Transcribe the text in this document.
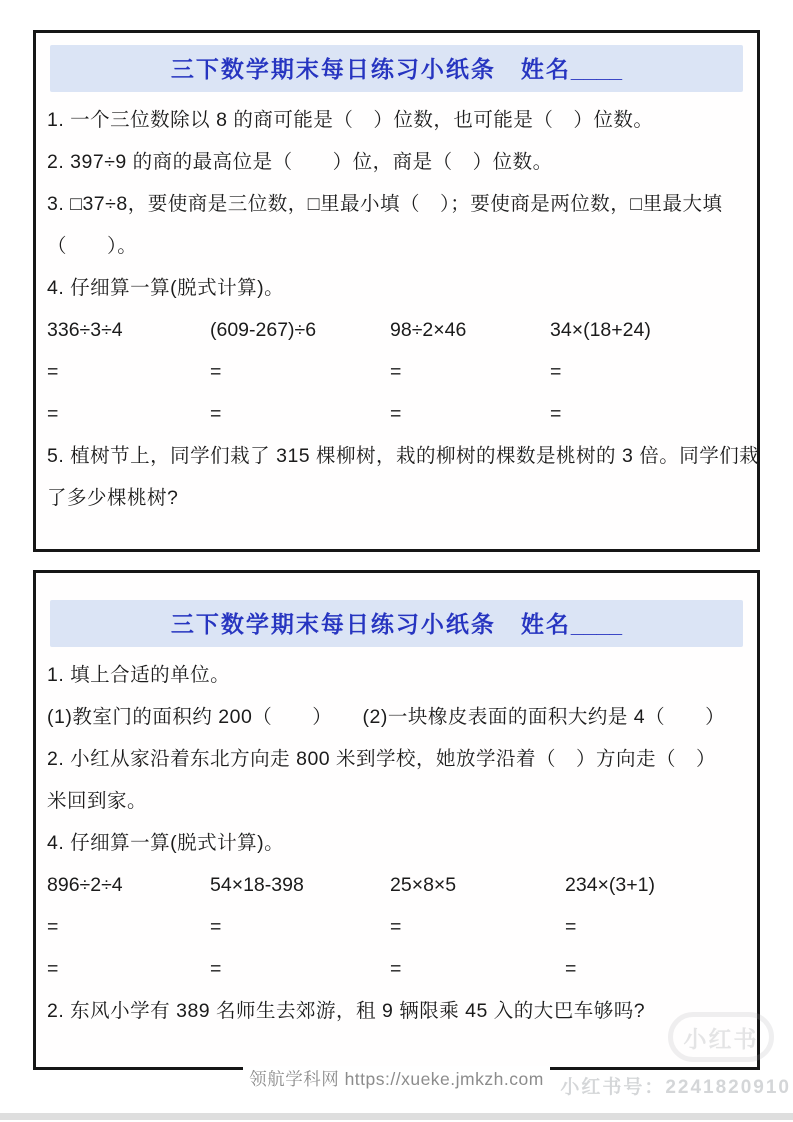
三下数学期末每日练习小纸条　姓名____

1. 一个三位数除以 8 的商可能是（　）位数，也可能是（　）位数。

2. 397÷9 的商的最高位是（　　）位，商是（　）位数。

3. □37÷8，要使商是三位数，□里最小填（　）；要使商是两位数，□里最大填

（　　）。

4. 仔细算一算(脱式计算)。

336÷3÷4	(609-267)÷6	98÷2×46	34×(18+24)
=	=	=	=
=	=	=	=

5. 植树节上，同学们栽了 315 棵柳树，栽的柳树的棵数是桃树的 3 倍。同学们栽

了多少棵桃树?

三下数学期末每日练习小纸条　姓名____

1. 填上合适的单位。

(1)教室门的面积约 200（　　）　　(2)一块橡皮表面的面积大约是 4（　　）

2. 小红从家沿着东北方向走 800 米到学校，她放学沿着（　）方向走（　）

米回到家。

4. 仔细算一算(脱式计算)。

896÷2÷4	54×18-398	25×8×5	234×(3+1)
=	=	=	=
=	=	=	=

2. 东风小学有 389 名师生去郊游，租 9 辆限乘 45 入的大巴车够吗?

小红书
领航学科网 https://xueke.jmkzh.com 小红书号：2241820910
